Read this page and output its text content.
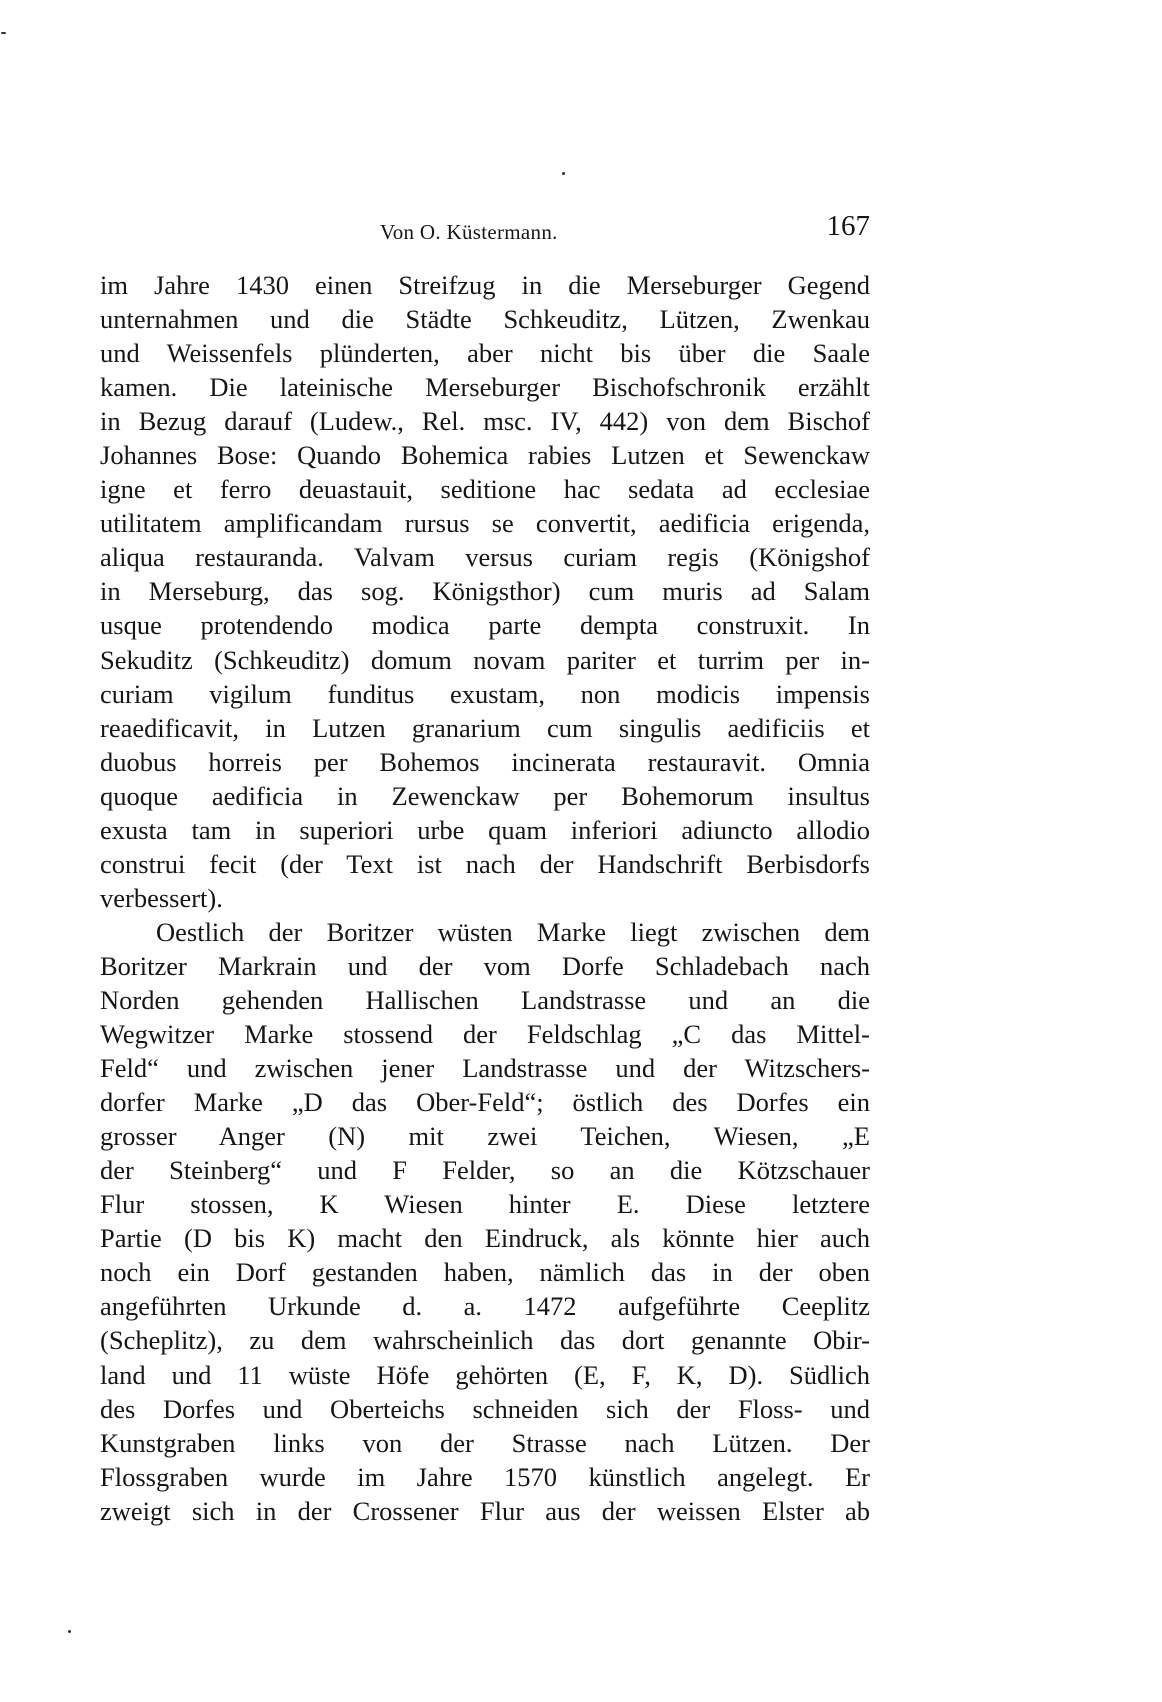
Von O. Küstermann.	167
im Jahre 1430 einen Streifzug in die Merseburger Gegend
unternahmen und die Städte Schkeuditz, Lützen, Zwenkau
und Weissenfels plünderten, aber nicht bis über die Saale
kamen. Die lateinische Merseburger Bischofschronik erzählt
in Bezug darauf (Ludew., Rel. msc. IV, 442) von dem Bischof
Johannes Bose: Quando Bohemica rabies Lutzen et Sewenckaw
igne et ferro deuastauit, seditione hac sedata ad ecclesiae
utilitatem amplificandam rursus se convertit, aedificia erigenda,
aliqua restauranda. Valvam versus curiam regis (Königshof
in Merseburg, das sog. Königsthor) cum muris ad Salam
usque protendendo modica parte dempta construxit. In
Sekuditz (Schkeuditz) domum novam pariter et turrim per in-
curiam vigilum funditus exustam, non modicis impensis
reaedificavit, in Lutzen granarium cum singulis aedificiis et
duobus horreis per Bohemos incinerata restauravit. Omnia
quoque aedificia in Zewenckaw per Bohemorum insultus
exusta tam in superiori urbe quam inferiori adiuncto allodio
construi fecit (der Text ist nach der Handschrift Berbisdorfs
verbessert).
Oestlich der Boritzer wüsten Marke liegt zwischen dem
Boritzer Markrain und der vom Dorfe Schladebach nach
Norden gehenden Hallischen Landstrasse und an die
Wegwitzer Marke stossend der Feldschlag „C das Mittel-
Feld“ und zwischen jener Landstrasse und der Witzschers-
dorfer Marke „D das Ober-Feld“; östlich des Dorfes ein
grosser Anger (N) mit zwei Teichen, Wiesen, „E
der Steinberg“ und F Felder, so an die Kötzschauer
Flur stossen, K Wiesen hinter E. Diese letztere
Partie (D bis K) macht den Eindruck, als könnte hier auch
noch ein Dorf gestanden haben, nämlich das in der oben
angeführten Urkunde d. a. 1472 aufgeführte Ceeplitz
(Scheplitz), zu dem wahrscheinlich das dort genannte Obir-
land und 11 wüste Höfe gehörten (E, F, K, D). Südlich
des Dorfes und Oberteichs schneiden sich der Floss- und
Kunstgraben links von der Strasse nach Lützen. Der
Flossgraben wurde im Jahre 1570 künstlich angelegt. Er
zweigt sich in der Crossener Flur aus der weissen Elster ab
